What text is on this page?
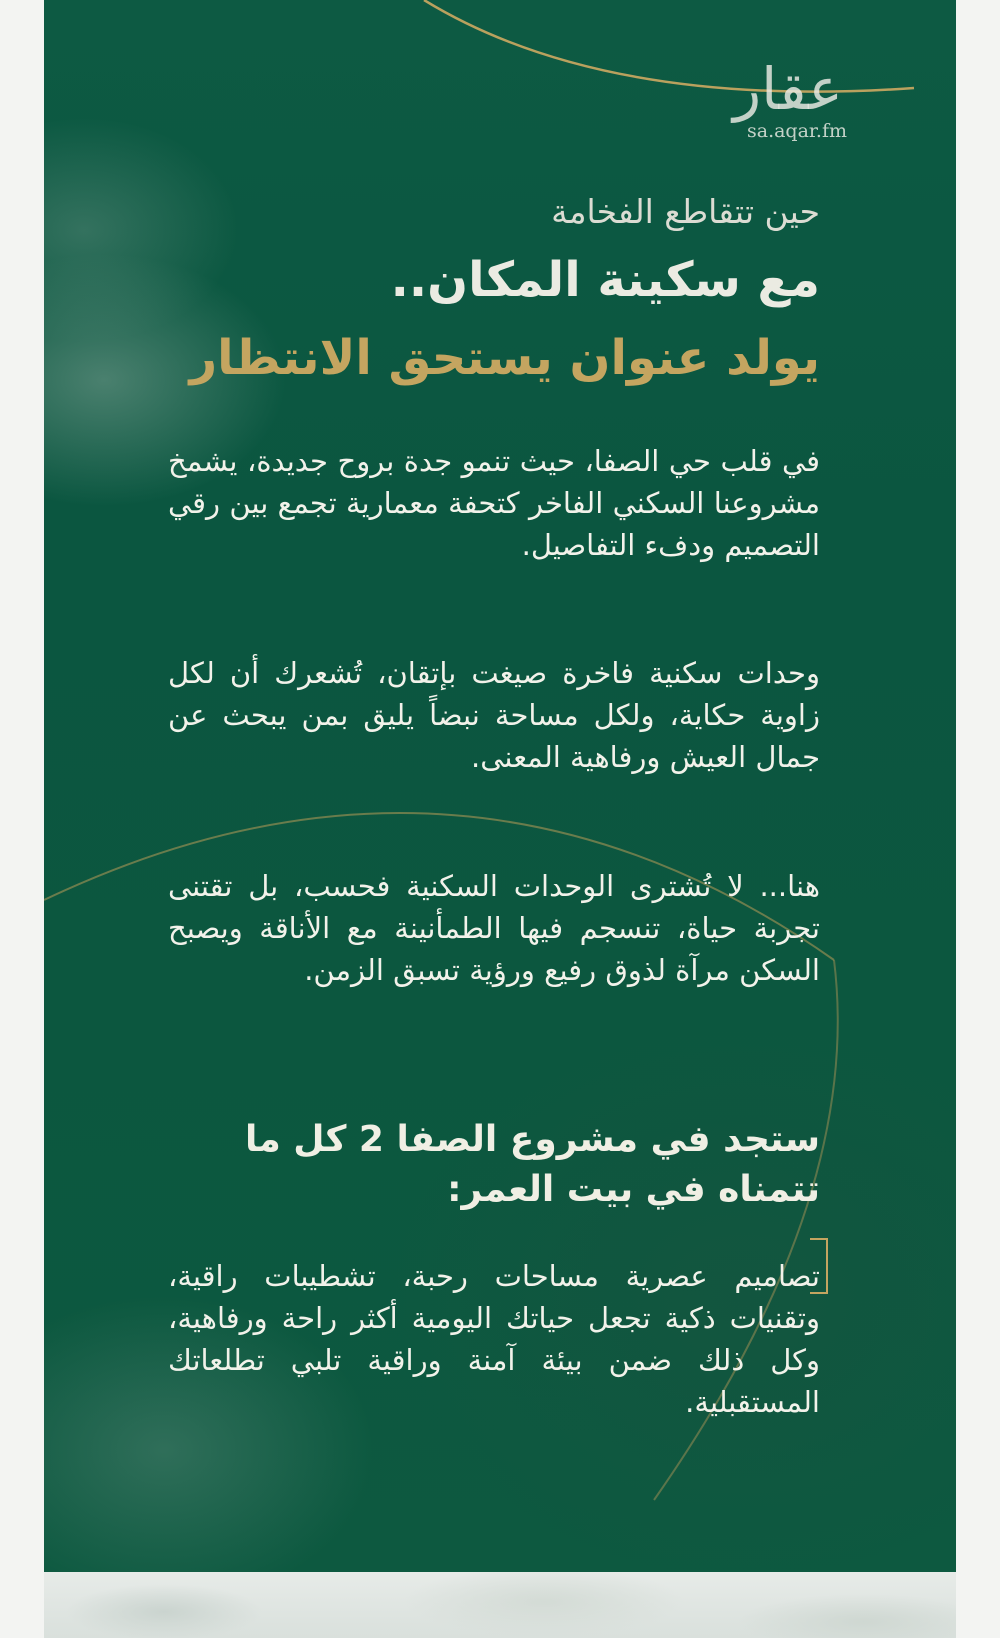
عقار
sa.aqar.fm
حين تتقاطع الفخامة
مع سكينة المكان..
يولد عنوان يستحق الانتظار

في قلب حي الصفا، حيث تنمو جدة بروح جديدة، يشمخ مشروعنا السكني الفاخر كتحفة معمارية تجمع بين رقي التصميم ودفء التفاصيل.

وحدات سكنية فاخرة صيغت بإتقان، تُشعرك أن لكل زاوية حكاية، ولكل مساحة نبضاً يليق بمن يبحث عن جمال العيش ورفاهية المعنى.

هنا... لا تُشترى الوحدات السكنية فحسب، بل تقتنى تجربة حياة، تنسجم فيها الطمأنينة مع الأناقة ويصبح السكن مرآة لذوق رفيع ورؤية تسبق الزمن.

ستجد في مشروع الصفا 2 كل ما تتمناه في بيت العمر:

تصاميم عصرية مساحات رحبة، تشطيبات راقية، وتقنيات ذكية تجعل حياتك اليومية أكثر راحة ورفاهية، وكل ذلك ضمن بيئة آمنة وراقية تلبي تطلعاتك المستقبلية.
